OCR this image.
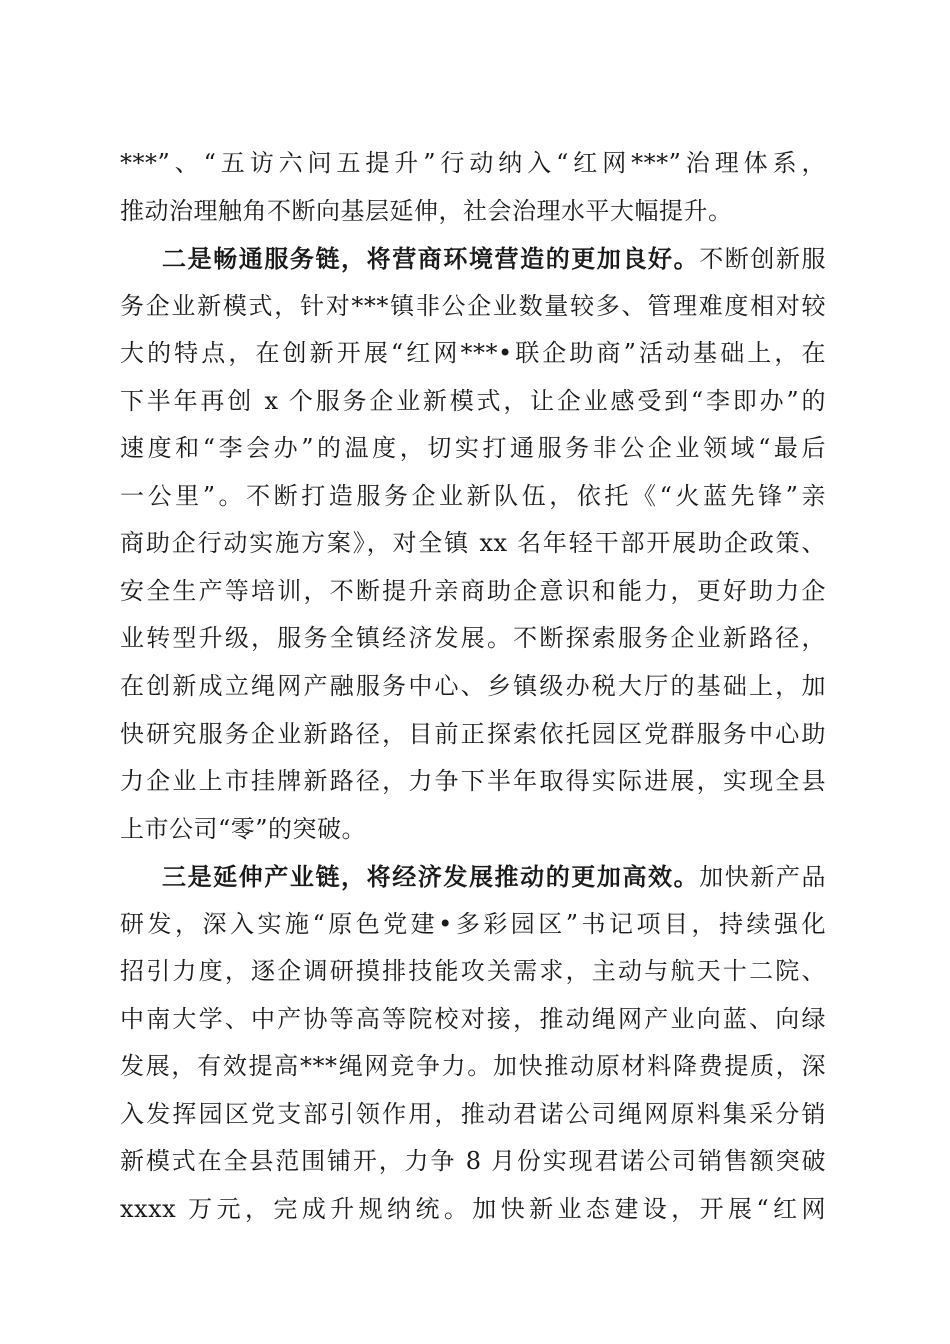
***”、“五访六问五提升”行动纳入“红网***”治理体系，
推动治理触角不断向基层延伸，社会治理水平大幅提升。
二是畅通服务链，将营商环境营造的更加良好。不断创新服
务企业新模式，针对***镇非公企业数量较多、管理难度相对较
大的特点，在创新开展“红网***•联企助商”活动基础上，在
下半年再创 x 个服务企业新模式，让企业感受到“李即办”的
速度和“李会办”的温度，切实打通服务非公企业领域“最后
一公里”。不断打造服务企业新队伍，依托《“火蓝先锋”亲
商助企行动实施方案》，对全镇 xx 名年轻干部开展助企政策、
安全生产等培训，不断提升亲商助企意识和能力，更好助力企
业转型升级，服务全镇经济发展。不断探索服务企业新路径，
在创新成立绳网产融服务中心、乡镇级办税大厅的基础上，加
快研究服务企业新路径，目前正探索依托园区党群服务中心助
力企业上市挂牌新路径，力争下半年取得实际进展，实现全县
上市公司“零”的突破。
三是延伸产业链，将经济发展推动的更加高效。加快新产品
研发，深入实施“原色党建•多彩园区”书记项目，持续强化
招引力度，逐企调研摸排技能攻关需求，主动与航天十二院、
中南大学、中产协等高等院校对接，推动绳网产业向蓝、向绿
发展，有效提高***绳网竞争力。加快推动原材料降费提质，深
入发挥园区党支部引领作用，推动君诺公司绳网原料集采分销
新模式在全县范围铺开，力争 8 月份实现君诺公司销售额突破
xxxx 万元，完成升规纳统。加快新业态建设，开展“红网
